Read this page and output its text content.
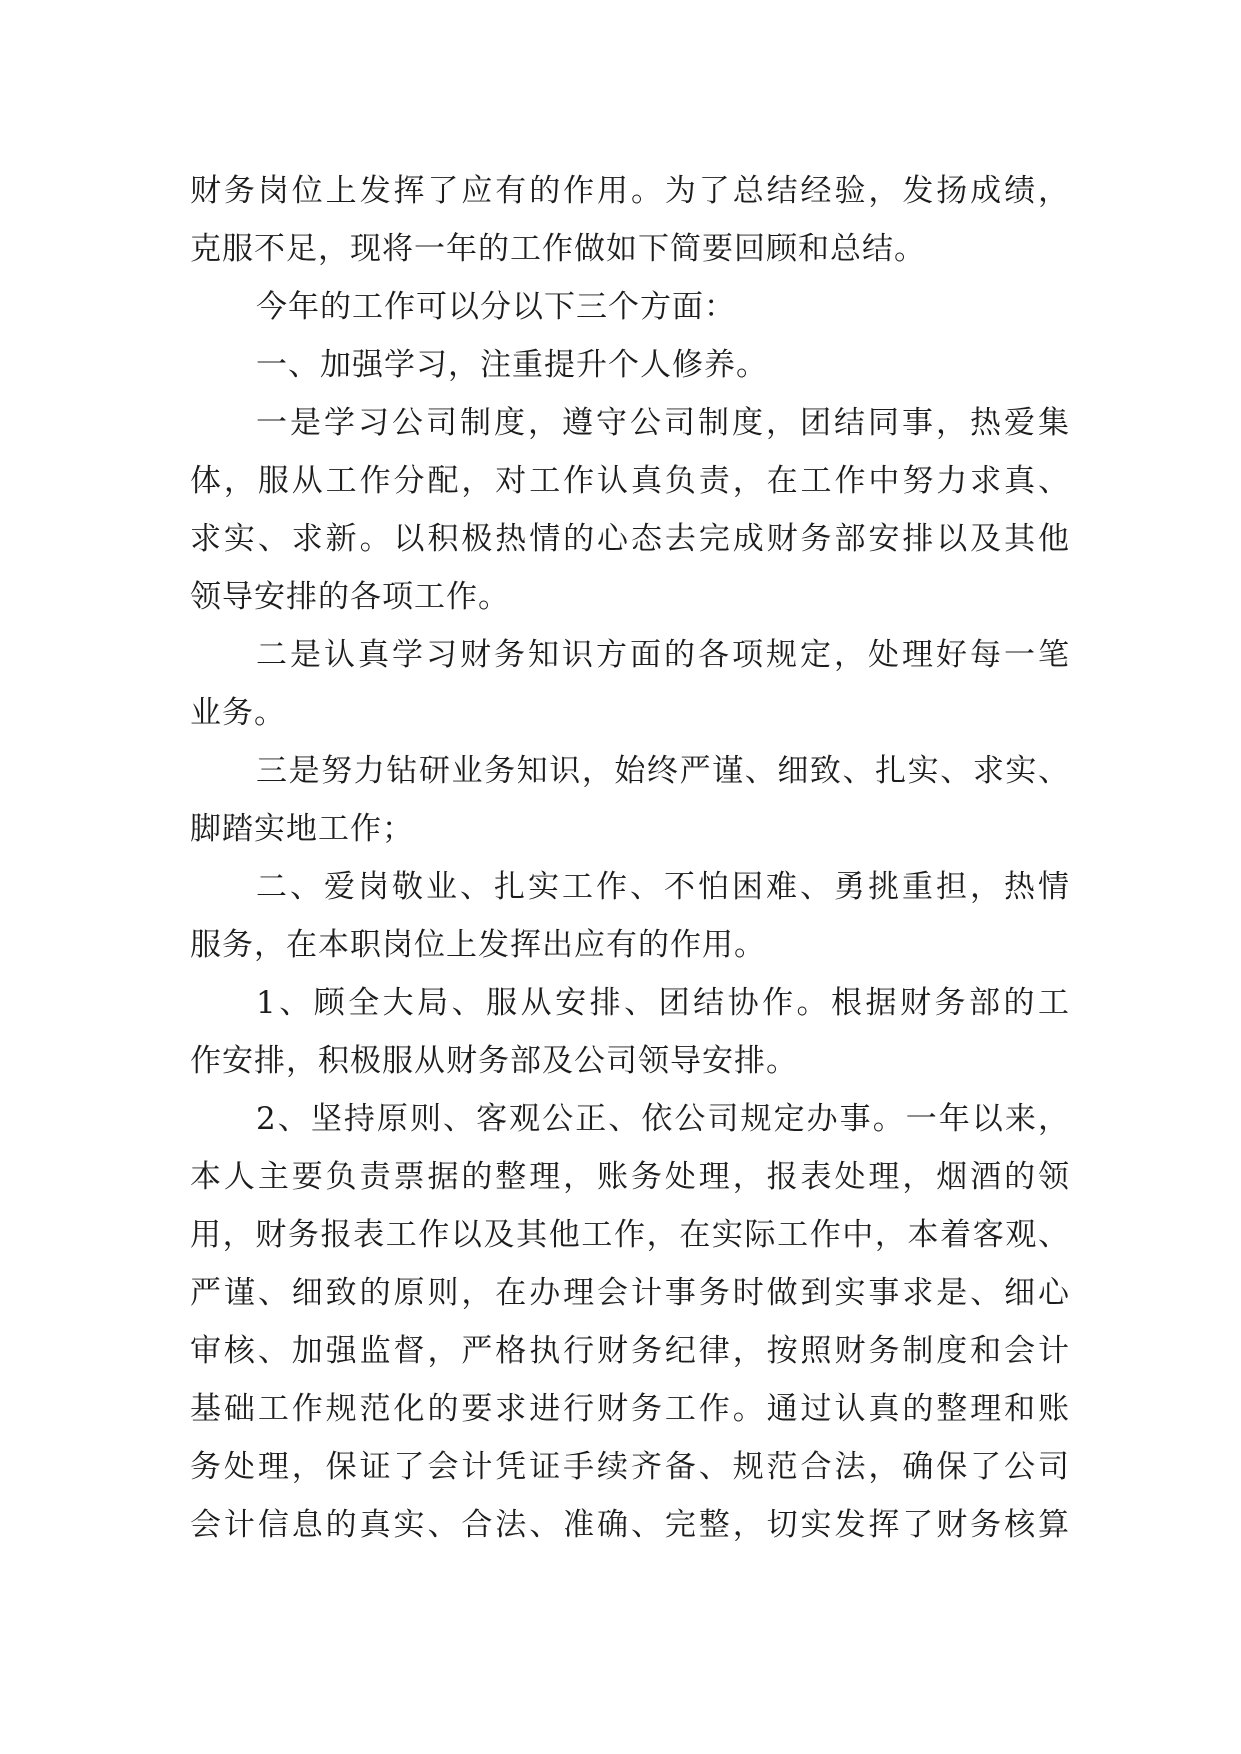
财务岗位上发挥了应有的作用。为了总结经验，发扬成绩，
克服不足，现将一年的工作做如下简要回顾和总结。
今年的工作可以分以下三个方面：
一、加强学习，注重提升个人修养。
一是学习公司制度，遵守公司制度，团结同事，热爱集
体，服从工作分配，对工作认真负责，在工作中努力求真、
求实、求新。以积极热情的心态去完成财务部安排以及其他
领导安排的各项工作。
二是认真学习财务知识方面的各项规定，处理好每一笔
业务。
三是努力钻研业务知识，始终严谨、细致、扎实、求实、
脚踏实地工作；
二、爱岗敬业、扎实工作、不怕困难、勇挑重担，热情
服务，在本职岗位上发挥出应有的作用。
1、顾全大局、服从安排、团结协作。根据财务部的工
作安排，积极服从财务部及公司领导安排。
2、坚持原则、客观公正、依公司规定办事。一年以来，
本人主要负责票据的整理，账务处理，报表处理，烟酒的领
用，财务报表工作以及其他工作，在实际工作中，本着客观、
严谨、细致的原则，在办理会计事务时做到实事求是、细心
审核、加强监督，严格执行财务纪律，按照财务制度和会计
基础工作规范化的要求进行财务工作。通过认真的整理和账
务处理，保证了会计凭证手续齐备、规范合法，确保了公司
会计信息的真实、合法、准确、完整，切实发挥了财务核算
